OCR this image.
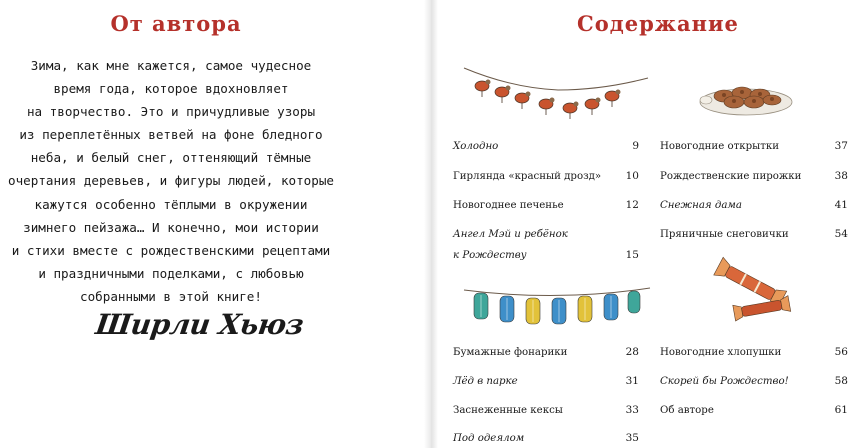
От автора
Зима, как мне кажется, самое чудесное
время года, которое вдохновляет
на творчество. Это и причудливые узоры
из переплетённых ветвей на фоне бледного
неба, и белый снег, оттеняющий тёмные
очертания деревьев, и фигуры людей, которые
кажутся особенно тёплыми в окружении
зимнего пейзажа… И конечно, мои истории
и стихи вместе с рождественскими рецептами
и праздничными поделками, с любовью
собранными в этой книге!
Ширли Хьюз
Содержание
Холодно	9
Гирлянда «красный дрозд» 10
Новогоднее печенье	12
Ангел Мэй и ребёнок
к Рождеству	15
Бумажные фонарики	28
Лёд в парке	31
Заснеженные кексы	33
Под одеялом	35
Новогодние открытки	37
Рождественские пирожки	38
Снежная дама	41
Пряничные снеговички	54
Новогодние хлопушки	56
Скорей бы Рождество!	58
Об авторе	61
